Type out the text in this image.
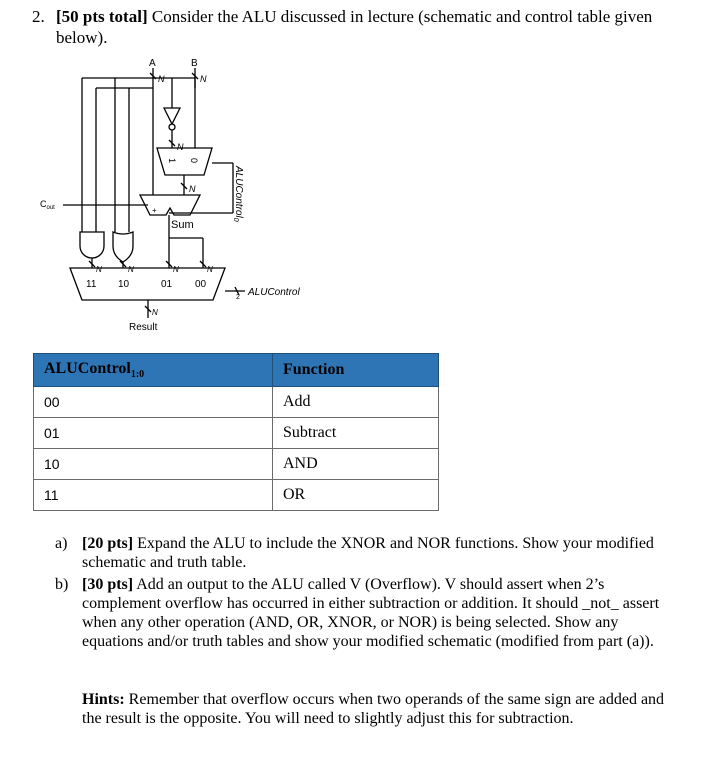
2. [50 pts total] Consider the ALU discussed in lecture (schematic and control table given
below).
A	B
N	N
N
1 0
N
+
Sum
$C_{out}$	ALUControl$_0$
N	N	N	N
11 10	01 00
2 ALUControl
N
Result
ALUControl$_{1:0}$	Function
00	Add
01	Subtract
10	AND
11	OR
a) [20 pts] Expand the ALU to include the XNOR and NOR functions. Show your modified schematic and truth table.
b) [30 pts] Add an output to the ALU called V (Overflow). V should assert when 2’s complement overflow has occurred in either subtraction or addition. It should _not_ assert when any other operation (AND, OR, XNOR, or NOR) is being selected. Show any equations and/or truth tables and show your modified schematic (modified from part (a)).
Hints: Remember that overflow occurs when two operands of the same sign are added and the result is the opposite. You will need to slightly adjust this for subtraction.
